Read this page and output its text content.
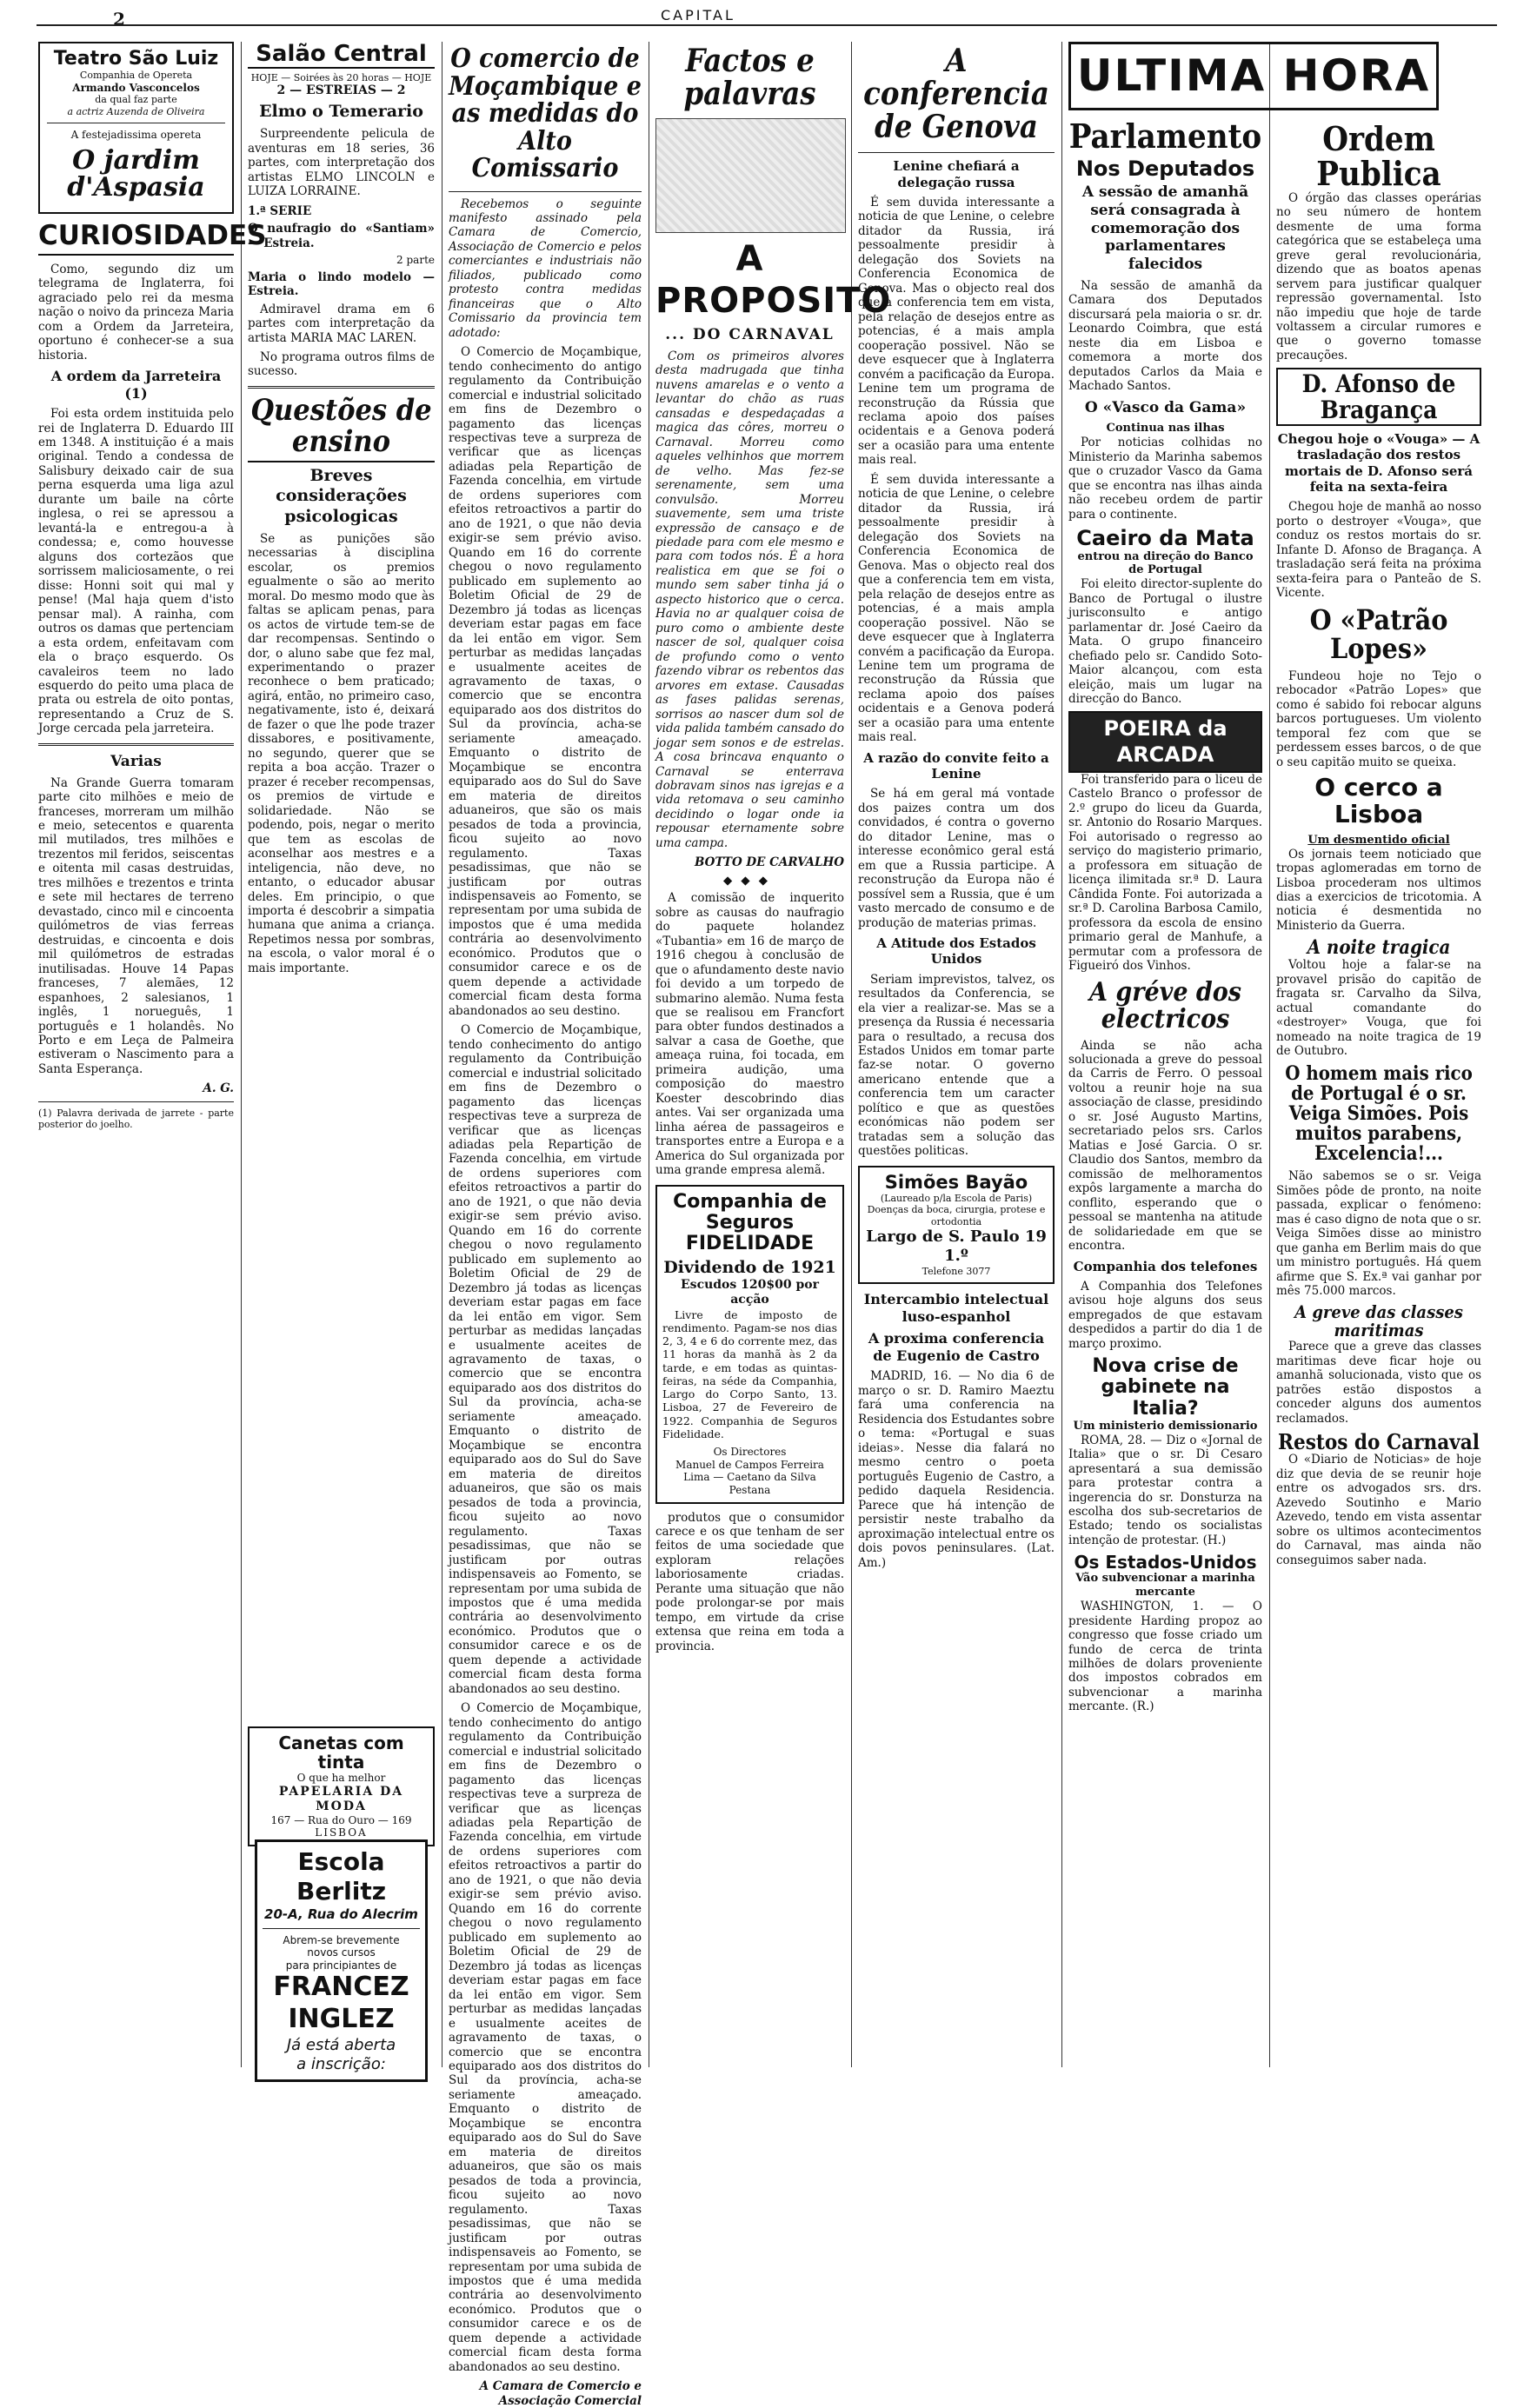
2	CAPITAL
Teatro São Luiz
Companhia de Opereta
Armando Vasconcelos
da qual faz parte
a actriz Auzenda de Oliveira
A festejadissima opereta
O jardim d'Aspasia
CURIOSIDADES

Como, segundo diz um telegrama de Inglaterra, foi agraciado pelo rei da mesma nação o noivo da princeza Maria com a Ordem da Jarreteira, oportuno é conhecer-se a sua historia.

A ordem da Jarreteira (1)

Foi esta ordem instituida pelo rei de Inglaterra D. Eduardo III em 1348. A instituição é a mais original. Tendo a condessa de Salisbury deixado cair de sua perna esquerda uma liga azul durante um baile na côrte inglesa, o rei se apressou a levantá-la e entregou-a à condessa; e, como houvesse alguns dos cortezãos que sorrissem maliciosamente, o rei disse: Honni soit qui mal y pense! (Mal haja quem d'isto pensar mal). A rainha, com outros os damas que pertenciam a esta ordem, enfeitavam com ela o braço esquerdo. Os cavaleiros teem no lado esquerdo do peito uma placa de prata ou estrela de oito pontas, representando a Cruz de S. Jorge cercada pela jarreteira.

Varias

Na Grande Guerra tomaram parte cito milhões e meio de franceses, morreram um milhão e meio, setecentos e quarenta mil mutilados, tres milhões e trezentos mil feridos, seiscentas e oitenta mil casas destruidas, tres milhões e trezentos e trinta e sete mil hectares de terreno devastado, cinco mil e cincoenta quilómetros de vias ferreas destruidas, e cincoenta e dois mil quilómetros de estradas inutilisadas. Houve 14 Papas franceses, 7 alemães, 12 espanhoes, 2 salesianos, 1 inglês, 1 norueguês, 1 português e 1 holandês. No Porto e em Leça de Palmeira estiveram o Nascimento para a Santa Esperança.

A. G.
(1) Palavra derivada de jarrete - parte posterior do joelho.
Salão Central
HOJE — Soirées às 20 horas — HOJE
2 — ESTREIAS — 2
Elmo o Temerario

Surpreendente pelicula de aventuras em 18 series, 36 partes, com interpretação dos artistas ELMO LINCOLN e LUIZA LORRAINE.

1.ª SERIE
O naufragio do «Santiam» — Estreia.
2 parte
Maria o lindo modelo — Estreia.

Admiravel drama em 6 partes com interpretação da artista MARIA MAC LAREN.

No programa outros films de sucesso.

Questões de ensino
Breves considerações psicologicas

Se as punições são necessarias à disciplina escolar, os premios egualmente o são ao merito moral. Do mesmo modo que às faltas se aplicam penas, para os actos de virtude tem-se de dar recompensas. Sentindo o dor, o aluno sabe que fez mal, experimentando o prazer reconhece o bem praticado; agirá, então, no primeiro caso, negativamente, isto é, deixará de fazer o que lhe pode trazer dissabores, e positivamente, no segundo, querer que se repita a boa acção. Trazer o prazer é receber recompensas, os premios de virtude e solidariedade. Não se podendo, pois, negar o merito que tem as escolas de aconselhar aos mestres e a inteligencia, não deve, no entanto, o educador abusar deles. Em principio, o que importa é descobrir a simpatia humana que anima a criança. Repetimos nessa por sombras, na escola, o valor moral é o mais importante.

Canetas com tinta
O que ha melhor
PAPELARIA DA MODA
167 — Rua do Ouro — 169
LISBOA
Escola Berlitz
20-A, Rua do Alecrim
Abrem-se brevemente
novos cursos
para principiantes de
FRANCEZ
INGLEZ
Já está aberta
a inscrição:
O comercio de Moçambique e as medidas do Alto Comissario

Recebemos o seguinte manifesto assinado pela Camara de Comercio, Associação de Comercio e pelos comerciantes e industriais não filiados, publicado como protesto contra medidas financeiras que o Alto Comissario da provincia tem adotado:

O Comercio de Moçambique, tendo conhecimento do antigo regulamento da Contribuição comercial e industrial solicitado em fins de Dezembro o pagamento das licenças respectivas teve a surpreza de verificar que as licenças adiadas pela Repartição de Fazenda concelhia, em virtude de ordens superiores com efeitos retroactivos a partir do ano de 1921, o que não devia exigir-se sem prévio aviso. Quando em 16 do corrente chegou o novo regulamento publicado em suplemento ao Boletim Oficial de 29 de Dezembro já todas as licenças deveriam estar pagas em face da lei então em vigor. Sem perturbar as medidas lançadas e usualmente aceites de agravamento de taxas, o comercio que se encontra equiparado aos dos distritos do Sul da província, acha-se seriamente ameaçado. Emquanto o distrito de Moçambique se encontra equiparado aos do Sul do Save em materia de direitos aduaneiros, que são os mais pesados de toda a provincia, ficou sujeito ao novo regulamento. Taxas pesadissimas, que não se justificam por outras indispensaveis ao Fomento, se representam por uma subida de impostos que é uma medida contrária ao desenvolvimento económico. Produtos que o consumidor carece e os de quem depende a actividade comercial ficam desta forma abandonados ao seu destino.

O Comercio de Moçambique, tendo conhecimento do antigo regulamento da Contribuição comercial e industrial solicitado em fins de Dezembro o pagamento das licenças respectivas teve a surpreza de verificar que as licenças adiadas pela Repartição de Fazenda concelhia, em virtude de ordens superiores com efeitos retroactivos a partir do ano de 1921, o que não devia exigir-se sem prévio aviso. Quando em 16 do corrente chegou o novo regulamento publicado em suplemento ao Boletim Oficial de 29 de Dezembro já todas as licenças deveriam estar pagas em face da lei então em vigor. Sem perturbar as medidas lançadas e usualmente aceites de agravamento de taxas, o comercio que se encontra equiparado aos dos distritos do Sul da província, acha-se seriamente ameaçado. Emquanto o distrito de Moçambique se encontra equiparado aos do Sul do Save em materia de direitos aduaneiros, que são os mais pesados de toda a provincia, ficou sujeito ao novo regulamento. Taxas pesadissimas, que não se justificam por outras indispensaveis ao Fomento, se representam por uma subida de impostos que é uma medida contrária ao desenvolvimento económico. Produtos que o consumidor carece e os de quem depende a actividade comercial ficam desta forma abandonados ao seu destino.

O Comercio de Moçambique, tendo conhecimento do antigo regulamento da Contribuição comercial e industrial solicitado em fins de Dezembro o pagamento das licenças respectivas teve a surpreza de verificar que as licenças adiadas pela Repartição de Fazenda concelhia, em virtude de ordens superiores com efeitos retroactivos a partir do ano de 1921, o que não devia exigir-se sem prévio aviso. Quando em 16 do corrente chegou o novo regulamento publicado em suplemento ao Boletim Oficial de 29 de Dezembro já todas as licenças deveriam estar pagas em face da lei então em vigor. Sem perturbar as medidas lançadas e usualmente aceites de agravamento de taxas, o comercio que se encontra equiparado aos dos distritos do Sul da província, acha-se seriamente ameaçado. Emquanto o distrito de Moçambique se encontra equiparado aos do Sul do Save em materia de direitos aduaneiros, que são os mais pesados de toda a provincia, ficou sujeito ao novo regulamento. Taxas pesadissimas, que não se justificam por outras indispensaveis ao Fomento, se representam por uma subida de impostos que é uma medida contrária ao desenvolvimento económico. Produtos que o consumidor carece e os de quem depende a actividade comercial ficam desta forma abandonados ao seu destino.

A Camara de Comercio e Associação Comercial
Factos e palavras
A PROPOSITO
... DO CARNAVAL

Com os primeiros alvores desta madrugada que tinha nuvens amarelas e o vento a levantar do chão as ruas cansadas e despedaçadas a magica das côres, morreu o Carnaval. Morreu como aqueles velhinhos que morrem de velho. Mas fez-se serenamente, sem uma convulsão. Morreu suavemente, sem uma triste expressão de cansaço e de piedade para com ele mesmo e para com todos nós. É a hora realisticа em que se foi o mundo sem saber tinha já o aspecto historico que o cerca. Havia no ar qualquer coisa de puro como o ambiente deste nascer de sol, qualquer coisa de profundo como o vento fazendo vibrar os rebentos das arvores em extase. Causadas as fases palidas serenas, sorrisos ao nascer dum sol de vida palida também cansado do jogar sem sonos e de estrelas. A cosa brincava enquanto o Carnaval se enterrava dobravam sinos nas igrejas e a vida retomava o seu caminho decidindo o logar onde ia repousar eternamente sobre uma campa.

BOTTO DE CARVALHO
◆◆◆

A comissão de inquerito sobre as causas do naufragio do paquete holandez «Tubantia» em 16 de março de 1916 chegou à conclusão de que o afundamento deste navio foi devido a um torpedo de submarino alemão. Numa festa que se realisou em Francfort para obter fundos destinados a salvar a casa de Goethe, que ameaça ruina, foi tocada, em primeira audição, uma composição do maestro Koester descobrindo dias antes. Vai ser organizada uma linha aérea de passageiros e transportes entre a Europa e a America do Sul organizada por uma grande empresa alemã.

Companhia de Seguros FIDELIDADE
Dividendo de 1921
Escudos 120$00 por acção

Livre de imposto de rendimento. Pagam-se nos dias 2, 3, 4 e 6 do corrente mez, das 11 horas da manhã às 2 da tarde, e em todas as quintas-feiras, na séde da Companhia, Largo do Corpo Santo, 13. Lisboa, 27 de Fevereiro de 1922. Companhia de Seguros Fidelidade.

Os Directores
Manuel de Campos Ferreira Lima — Caetano da Silva Pestana

produtos que o consumidor carece e os que tenham de ser feitos de uma sociedade que exploram relações laboriosamente criadas. Perante uma situação que não pode prolongar-se por mais tempo, em virtude da crise extensa que reina em toda a provincia.

A conferencia de Genova
Lenine chefiará a delegação russa

É sem duvida interessante a noticia de que Lenine, o celebre ditador da Russia, irá pessoalmente presidir à delegação dos Soviets na Conferencia Economica de Genova. Mas o objecto real dos que a conferencia tem em vista, pela relação de desejos entre as potencias, é a mais ampla cooperação possivel. Não se deve esquecer que à Inglaterra convém a pacificação da Europa. Lenine tem um programa de reconstrução da Rússia que reclama apoio dos países ocidentais e a Genova poderá ser a ocasião para uma entente mais real.

É sem duvida interessante a noticia de que Lenine, o celebre ditador da Russia, irá pessoalmente presidir à delegação dos Soviets na Conferencia Economica de Genova. Mas o objecto real dos que a conferencia tem em vista, pela relação de desejos entre as potencias, é a mais ampla cooperação possivel. Não se deve esquecer que à Inglaterra convém a pacificação da Europa. Lenine tem um programa de reconstrução da Rússia que reclama apoio dos países ocidentais e a Genova poderá ser a ocasião para uma entente mais real.

A razão do convite feito a Lenine

Se há em geral má vontade dos paizes contra um dos convidados, é contra o governo do ditador Lenine, mas o interesse econômico geral está em que a Russia participe. A reconstrução da Europa não é possível sem a Russia, que é um vasto mercado de consumo e de produção de materias primas.

A Atitude dos Estados Unidos

Seriam imprevistos, talvez, os resultados da Conferencia, se ela vier a realizar-se. Mas se a presença da Russia é necessaria para o resultado, a recusa dos Estados Unidos em tomar parte faz-se notar. O governo americano entende que a conferencia tem um caracter político e que as questões económicas não podem ser tratadas sem a solução das questões politicas.

Simões Bayão
(Laureado p/la Escola de Paris)
Doenças da boca, cirurgia, protese e ortodontia
Largo de S. Paulo 19 1.º
Telefone 3077
Intercambio intelectual luso-espanhol
A proxima conferencia de Eugenio de Castro

MADRID, 16. — No dia 6 de março o sr. D. Ramiro Maeztu fará uma conferencia na Residencia dos Estudantes sobre o tema: «Portugal e suas ideias». Nesse dia falará no mesmo centro o poeta português Eugenio de Castro, a pedido daquela Residencia. Parece que há intenção de persistir neste trabalho da aproximação intelectual entre os dois povos peninsulares. (Lat. Am.)

ULTIMA HORA
Parlamento
Nos Deputados
A sessão de amanhã será consagrada à comemoração dos parlamentares falecidos

Na sessão de amanhã da Camara dos Deputados discursará pela maioria o sr. dr. Leonardo Coimbra, que está neste dia em Lisboa e comemora a morte dos deputados Carlos da Maia e Machado Santos.

O «Vasco da Gama»
Continua nas ilhas

Por noticias colhidas no Ministerio da Marinha sabemos que o cruzador Vasco da Gama que se encontra nas ilhas ainda não recebeu ordem de partir para o continente.

Caeiro da Mata
entrou na direção do Banco de Portugal

Foi eleito director-suplente do Banco de Portugal o ilustre jurisconsulto e antigo parlamentar dr. José Caeiro da Mata. O grupo financeiro chefiado pelo sr. Candido Soto-Maior alcançou, com esta eleição, mais um lugar na direcção do Banco.

POEIRA da ARCADA

Foi transferido para o liceu de Castelo Branco o professor de 2.º grupo do liceu da Guarda, sr. Antonio do Rosario Marques. Foi autorisado o regresso ao serviço do magisterio primario, a professora em situação de licença ilimitada sr.ª D. Laura Cândida Fonte. Foi autorizada a sr.ª D. Carolina Barbosa Camilo, professora da escola de ensino primario geral de Manhufe, a permutar com a professora de Figueiró dos Vinhos.

A gréve dos electricos

Ainda se não acha solucionada a greve do pessoal da Carris de Ferro. O pessoal voltou a reunir hoje na sua associação de classe, presidindo o sr. José Augusto Martins, secretariado pelos srs. Carlos Matias e José Garcia. O sr. Claudio dos Santos, membro da comissão de melhoramentos expôs largamente a marcha do conflito, esperando que o pessoal se mantenha na atitude de solidariedade em que se encontra.

Companhia dos telefones

A Companhia dos Telefones avisou hoje alguns dos seus empregados de que estavam despedidos a partir do dia 1 de março proximo.

Nova crise de gabinete na Italia?
Um ministerio demissionario

ROMA, 28. — Diz o «Jornal de Italia» que o sr. Di Cesaro apresentará a sua demissão para protestar contra a ingerencia do sr. Donsturza na escolha dos sub-secretarios de Estado; tendo os socialistas intenção de protestar. (H.)

Os Estados-Unidos
Vão subvencionar a marinha mercante

WASHINGTON, 1. — O presidente Harding propoz ao congresso que fosse criado um fundo de cerca de trinta milhões de dolars proveniente dos impostos cobrados em subvencionar a marinha mercante. (R.)

Ordem Publica

O órgão das classes operárias no seu número de hontem desmente de uma forma categórica que se estabeleça uma greve geral revolucionária, dizendo que as boatos apenas servem para justificar qualquer repressão governamental. Isto não impediu que hoje de tarde voltassem a circular rumores e que o governo tomasse precauções.

D. Afonso de Bragança
Chegou hoje o «Vouga» — A trasladação dos restos mortais de D. Afonso será feita na sexta-feira

Chegou hoje de manhã ao nosso porto o destroyer «Vouga», que conduz os restos mortais do sr. Infante D. Afonso de Bragança. A trasladação será feita na próxima sexta-feira para o Panteão de S. Vicente.

O «Patrão Lopes»

Fundeou hoje no Tejo o rebocador «Patrão Lopes» que como é sabido foi rebocar alguns barcos portugueses. Um violento temporal fez com que se perdessem esses barcos, o de que o seu capitão muito se queixa.

O cerco a Lisboa
Um desmentido oficial

Os jornais teem noticiado que tropas aglomeradas em torno de Lisboa procederam nos ultimos dias a exercicios de tricotomia. A noticia é desmentida no Ministerio da Guerra.

A noite tragica

Voltou hoje a falar-se na provavel prisão do capitão de fragata sr. Carvalho da Silva, actual comandante do «destroyer» Vouga, que foi nomeado na noite tragica de 19 de Outubro.

O homem mais rico de Portugal é o sr. Veiga Simões. Pois muitos parabens, Excelencia!...

Não sabemos se o sr. Veiga Simões pôde de pronto, na noite passada, explicar o fenómeno: mas é caso digno de nota que o sr. Veiga Simões disse ao ministro que ganha em Berlim mais do que um ministro português. Há quem afirme que S. Ex.ª vai ganhar por mês 75.000 marcos.

A greve das classes maritimas

Parece que a greve das classes maritimas deve ficar hoje ou amanhã solucionada, visto que os patrões estão dispostos a conceder alguns dos aumentos reclamados.

Restos do Carnaval

O «Diario de Noticias» de hoje diz que devia de se reunir hoje entre os advogados srs. drs. Azevedo Soutinho e Mario Azevedo, tendo em vista assentar sobre os ultimos acontecimentos do Carnaval, mas ainda não conseguimos saber nada.
